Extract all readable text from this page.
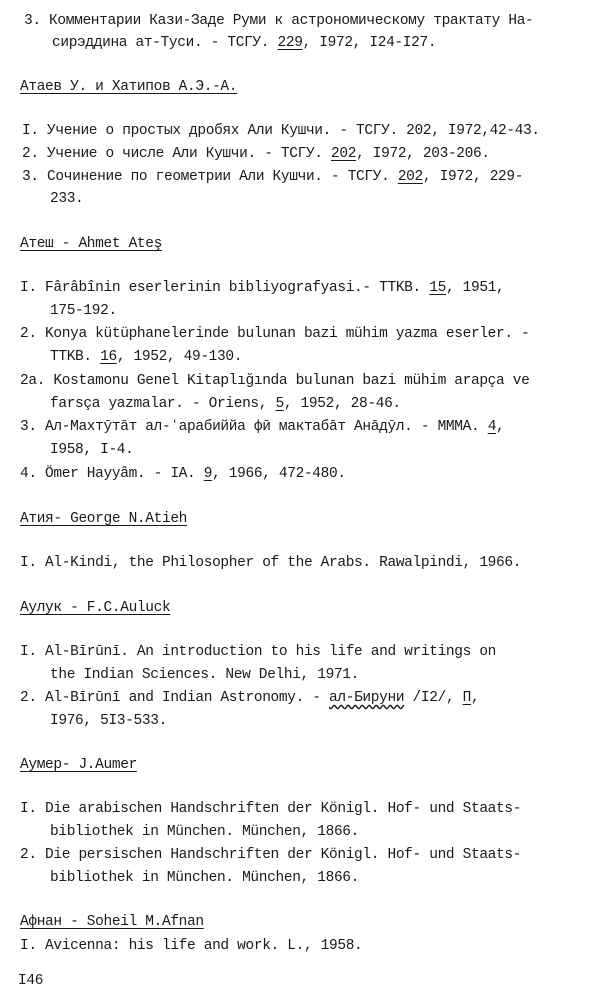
3. Комментарии Кази-Заде Руми к астрономическому трактату На-
сирэддина ат-Туси. - ТСГУ. 229, I972, I24-I27.
Атаев У. и Хатипов А.Э.-А.
I. Учение о простых дробях Али Кушчи. - ТСГУ. 202, I972,42-43.
2. Учение о числе Али Кушчи. - ТСГУ. 202, I972, 203-206.
3. Сочинение по геометрии Али Кушчи. - ТСГУ. 202, I972, 229-
233.
Атеш - Ahmet Ateş
I. Fârâbînin eserlerinin bibliyografyasi.- TTKB. 15, 1951,
175-192.
2. Konya kütüphanelerinde bulunan bazi mühim yazma eserler. -
TTKB. 16, 1952, 49-130.
2a. Kostamonu Genel Kitaplığında bulunan bazi mühim arapça ve
farsça yazmalar. - Oriens, 5, 1952, 28-46.
3. Ал-Махтӯтāт ал-ʻарабиййа фӣ мактабāт Анāдӯл. - МММА. 4,
I958, I-4.
4. Ömer Hayyâm. - IA. 9, 1966, 472-480.
Атия- George N.Atieh
I. Al-Kindi, the Philosopher of the Arabs. Rawalpindi, 1966.
Аулук - F.C.Auluck
I. Al-Bīrūnī. An introduction to his life and writings on
the Indian Sciences. New Delhi, 1971.
2. Al-Bīrūnī and Indian Astronomy. - ал-Бируни /I2/, П,
I976, 5I3-533.
Аумер- J.Aumer
I. Die arabischen Handschriften der Königl. Hof- und Staats-
bibliothek in München. München, 1866.
2. Die persischen Handschriften der Königl. Hof- und Staats-
bibliothek in München. München, 1866.
Афнан - Soheil M.Afnan
I. Avicenna: his life and work. L., 1958.
I46
